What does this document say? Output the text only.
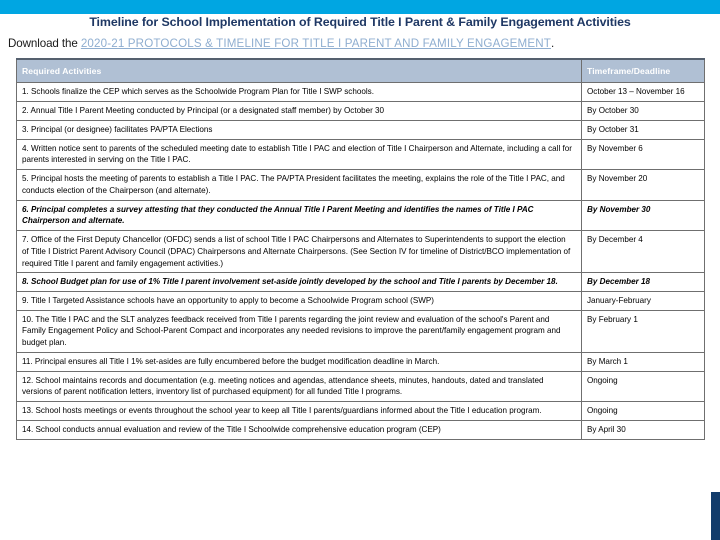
Timeline for School Implementation of Required Title I Parent & Family Engagement Activities
Download the 2020-21 PROTOCOLS & TIMELINE FOR TITLE I PARENT AND FAMILY ENGAGEMENT.
Required Activities	Timeframe/Deadline
1. Schools finalize the CEP which serves as the Schoolwide Program Plan for Title I SWP schools.	October 13 – November 16
2. Annual Title I Parent Meeting conducted by Principal (or a designated staff member) by October 30	By October 30
3. Principal (or designee) facilitates PA/PTA Elections	By October 31
4. Written notice sent to parents of the scheduled meeting date to establish Title I PAC and election of Title I Chairperson and Alternate, including a call for parents interested in serving on the Title I PAC.	By November 6
5. Principal hosts the meeting of parents to establish a Title I PAC. The PA/PTA President facilitates the meeting, explains the role of the Title I PAC, and conducts election of the Chairperson (and alternate).	By November 20
6. Principal completes a survey attesting that they conducted the Annual Title I Parent Meeting and identifies the names of Title I PAC Chairperson and alternate.	By November 30
7. Office of the First Deputy Chancellor (OFDC) sends a list of school Title I PAC Chairpersons and Alternates to Superintendents to support the election of Title I District Parent Advisory Council (DPAC) Chairpersons and Alternate Chairpersons. (See Section IV for timeline of District/BCO implementation of required Title I parent and family engagement activities.)	By December 4
8. School Budget plan for use of 1% Title I parent involvement set-aside jointly developed by the school and Title I parents by December 18.	By December 18
9. Title I Targeted Assistance schools have an opportunity to apply to become a Schoolwide Program school (SWP)	January-February
10. The Title I PAC and the SLT analyzes feedback received from Title I parents regarding the joint review and evaluation of the school's Parent and Family Engagement Policy and School-Parent Compact and incorporates any needed revisions to improve the parent/family engagement program and budget plan.	By February 1
11. Principal ensures all Title I 1% set-asides are fully encumbered before the budget modification deadline in March.	By March 1
12. School maintains records and documentation (e.g. meeting notices and agendas, attendance sheets, minutes, handouts, dated and translated versions of parent notification letters, inventory list of purchased equipment) for all funded Title I programs.	Ongoing
13. School hosts meetings or events throughout the school year to keep all Title I parents/guardians informed about the Title I education program.	Ongoing
14. School conducts annual evaluation and review of the Title I Schoolwide comprehensive education program (CEP)	By April 30
